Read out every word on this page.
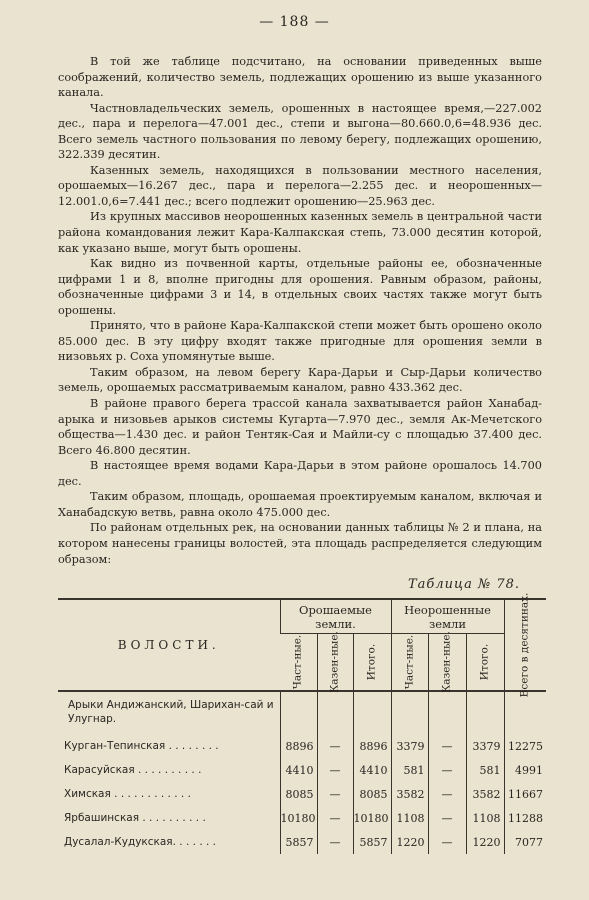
— 188 —

В той же таблице подсчитано, на основании приведенных выше соображений, количество земель, подлежащих орошению из выше указанного канала.

Частновладельческих земель, орошенных в настоящее время,—227.002 дес., пара и перелога—47.001 дес., степи и выгона—80.660.0,6=48.936 дес. Всего земель частного пользования по левому берегу, подлежащих орошению, 322.339 десятин.

Казенных земель, находящихся в пользовании местного населения, орошаемых—16.267 дес., пара и перелога—2.255 дес. и неорошенных—12.001.0,6=7.441 дес.; всего подлежит орошению—25.963 дес.

Из крупных массивов неорошенных казенных земель в центральной части района командования лежит Кара-Калпакская степь, 73.000 десятин которой, как указано выше, могут быть орошены.

Как видно из почвенной карты, отдельные районы ее, обозначенные цифрами 1 и 8, вполне пригодны для орошения. Равным образом, районы, обозначенные цифрами 3 и 14, в отдельных своих частях также могут быть орошены.

Принято, что в районе Кара-Калпакской степи может быть орошено около 85.000 дес. В эту цифру входят также пригодные для орошения земли в низовьях р. Соха упомянутые выше.

Таким образом, на левом берегу Кара-Дарьи и Сыр-Дарьи количество земель, орошаемых рассматриваемым каналом, равно 433.362 дес.

В районе правого берега трассой канала захватывается район Ханабад-арыка и низовьев арыков системы Кугарта—7.970 дес., земля Ак-Мечетского общества—1.430 дес. и район Тентяк-Сая и Майли-су с площадью 37.400 дес. Всего 46.800 десятин.

В настоящее время водами Кара-Дарьи в этом районе орошалось 14.700 дес.

Таким образом, площадь, орошаемая проектируемым каналом, включая и Ханабадскую ветвь, равна около 475.000 дес.

По районам отдельных рек, на основании данных таблицы № 2 и плана, на котором нанесены границы волостей, эта площадь распределяется следующим образом:

Таблица № 78.
ВОЛОСТИ.	Орошаемые земли.			Неорошенные земли			Всего в десятинах.

	Част-ные.	Казен-ные.	Итого.	Част-ные.	Казен-ные.	Итого.	

Арыки Андижанский, Шарихан-сай и Улугнар.							
Курган-Тепинская . . . . . . . .	8896	—	8896	3379	—	3379	12275
Карасуйская . . . . . . . . . .	4410	—	4410	581	—	581	4991
Химская . . . . . . . . . . . .	8085	—	8085	3582	—	3582	11667
Ярбашинская . . . . . . . . . .	10180	—	10180	1108	—	1108	11288
Дусалал-Кудукская. . . . . . .	5857	—	5857	1220	—	1220	7077
